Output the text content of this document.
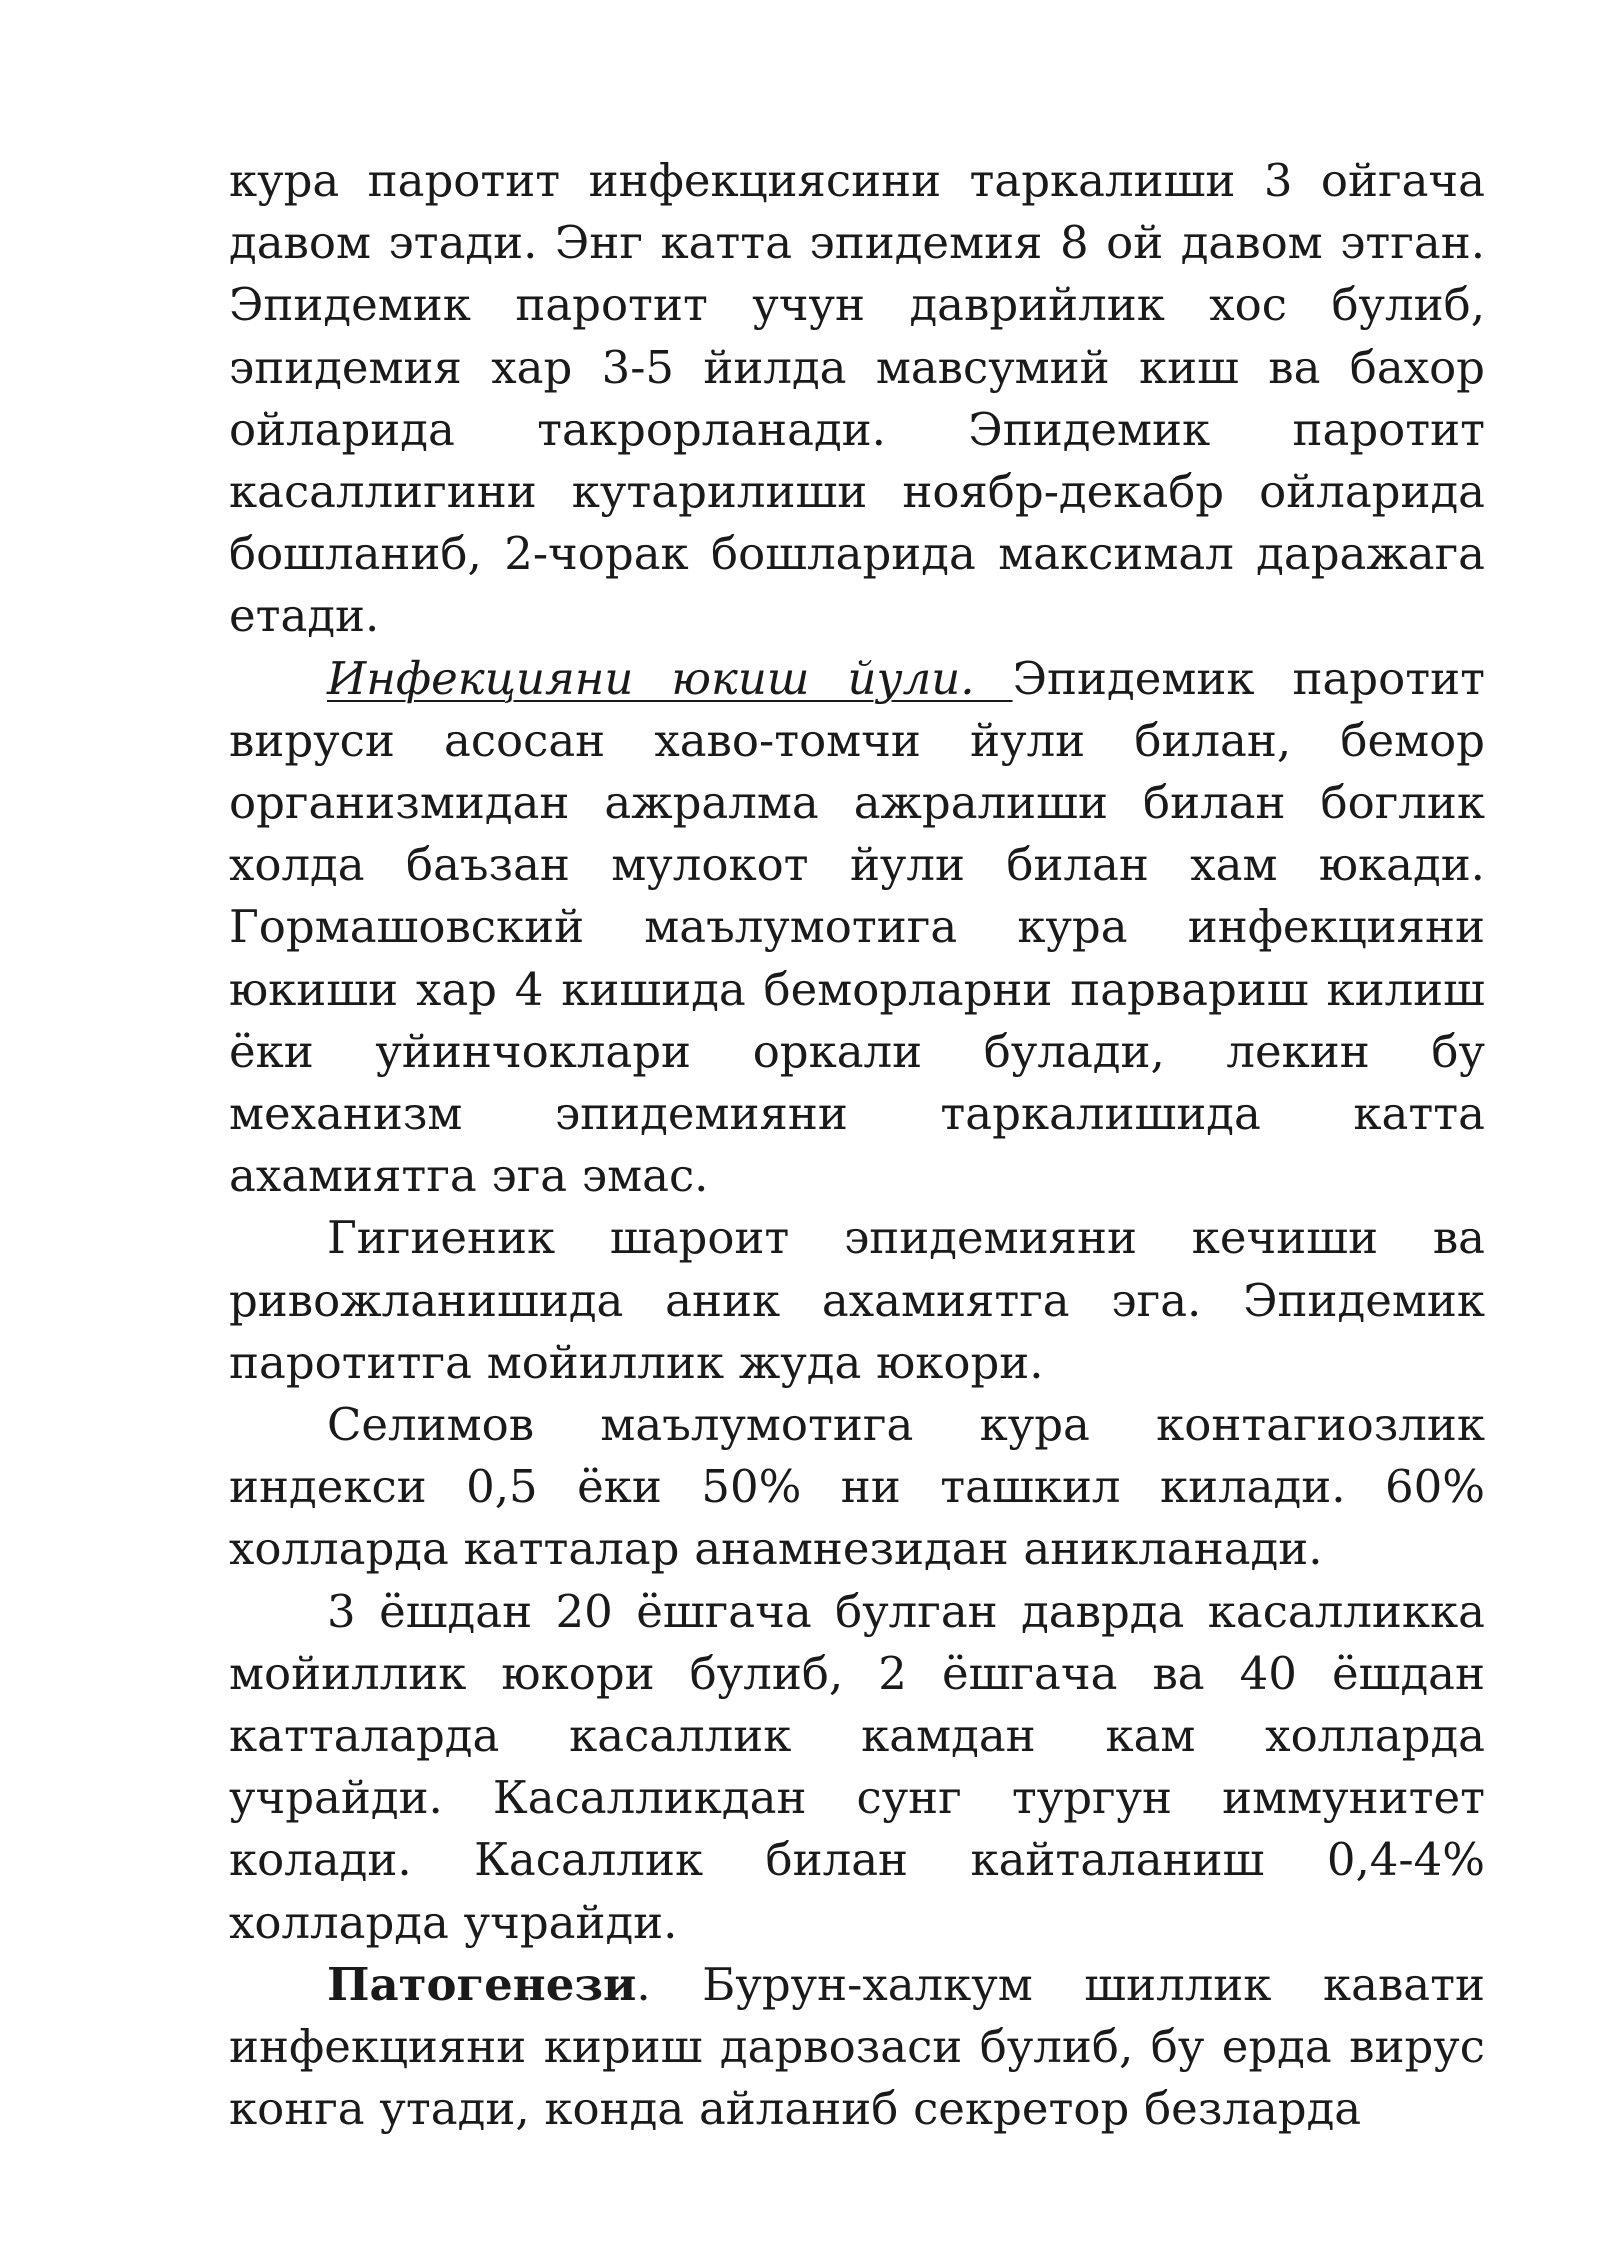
кура паротит инфекциясини таркалиши 3 ойгача давом этади. Энг катта эпидемия 8 ой давом этган. Эпидемик паротит учун даврийлик хос булиб, эпидемия хар 3-5 йилда мавсумий киш ва бахор ойларида такрорланади. Эпидемик паротит касаллигини кутарилиши ноябр-декабр ойларида бошланиб, 2-чорак бошларида максимал даражага етади.

Инфекцияни юкиш йули. Эпидемик паротит вируси асосан хаво-томчи йули билан, бемор организмидан ажралма ажралиши билан боглик холда баъзан мулокот йули билан хам юкади. Гормашовский маълумотига кура инфекцияни юкиши хар 4 кишида беморларни парвариш килиш ёки уйинчоклари оркали булади, лекин бу механизм эпидемияни таркалишида катта ахамиятга эга эмас.

Гигиеник шароит эпидемияни кечиши ва ривожланишида аник ахамиятга эга. Эпидемик паротитга мойиллик жуда юкори.

Селимов маълумотига кура контагиозлик индекси 0,5 ёки 50% ни ташкил килади. 60% холларда катталар анамнезидан аникланади.

3 ёшдан 20 ёшгача булган даврда касалликка мойиллик юкори булиб, 2 ёшгача ва 40 ёшдан катталарда касаллик камдан кам холларда учрайди. Касалликдан сунг тургун иммунитет колади. Касаллик билан кайталаниш 0,4-4% холларда учрайди.

Патогенези. Бурун-халкум шиллик кавати инфекцияни кириш дарвозаси булиб, бу ерда вирус конга утади, конда айланиб секретор безларда
